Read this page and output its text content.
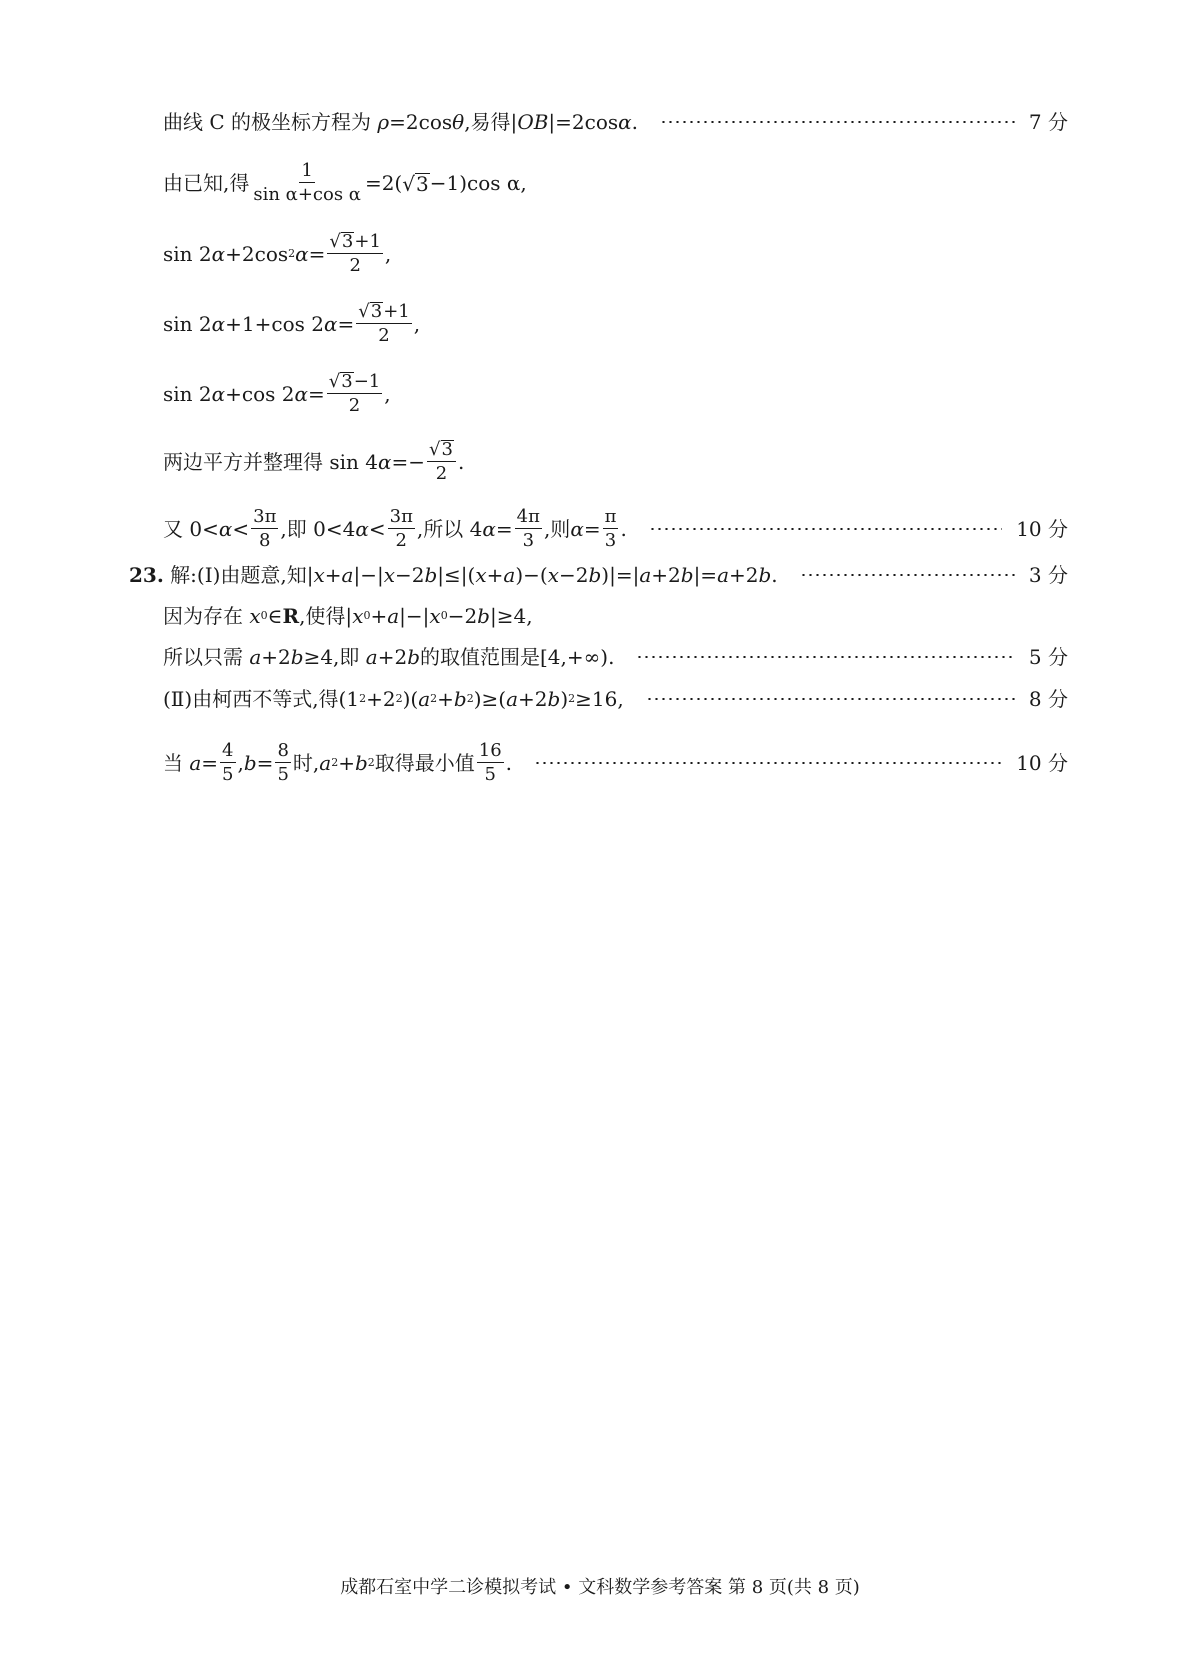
曲线 C 的极坐标方程为 ρ =2cos θ ,易得| OB |=2cos α .	7 分
由已知,得 $\frac{1}{\text{sin α+cos α}} =2$( √ 3 −1)cos α,
sin 2 α +2cos 2 $\alpha = \frac{√ 3 +1}{2}$ ,
sin 2 α +1+cos 2 $\alpha = \frac{√ 3 +1}{2}$ ,
sin 2 α +cos 2 $\alpha = \frac{√ 3 -1}{2}$ ,
两边平方并整理得 sin 4 $\alpha =- \frac{√ 3}{2}$ .
又 $0< \alpha < \frac{3\pi}{8}$ ,即 0<4 $\alpha < \frac{3\pi}{2}$ ,所以 4 $\alpha = \frac{4\pi}{3}$ ,则 $\alpha = \frac{\pi}{3}$ .	10 分
23. 解:(Ⅰ)由题意,知| x + a |−| x −2 b |≤|( x + a )−( x −2 b )|=| a +2 b |= a +2 b .	3 分
因为存在 x 0 ∈ R ,使得| x 0 + a |−| x 0 −2 b |≥4,
所以只需 a +2 b ≥4,即 a +2 b 的取值范围是[4,+∞).	5 分
(Ⅱ)由柯西不等式,得(1 2 +2 2 )( a 2 + b 2 )≥( a +2 b ) 2 ≥16,	8 分
当 $a = \frac{4}{5}$ , $b = \frac{8}{5}$ 时, a 2 + b 2 取得最小值 $\frac{16}{5}$ .	10 分
成都石室中学二诊模拟考试 • 文科数学参考答案 第 8 页(共 8 页)
